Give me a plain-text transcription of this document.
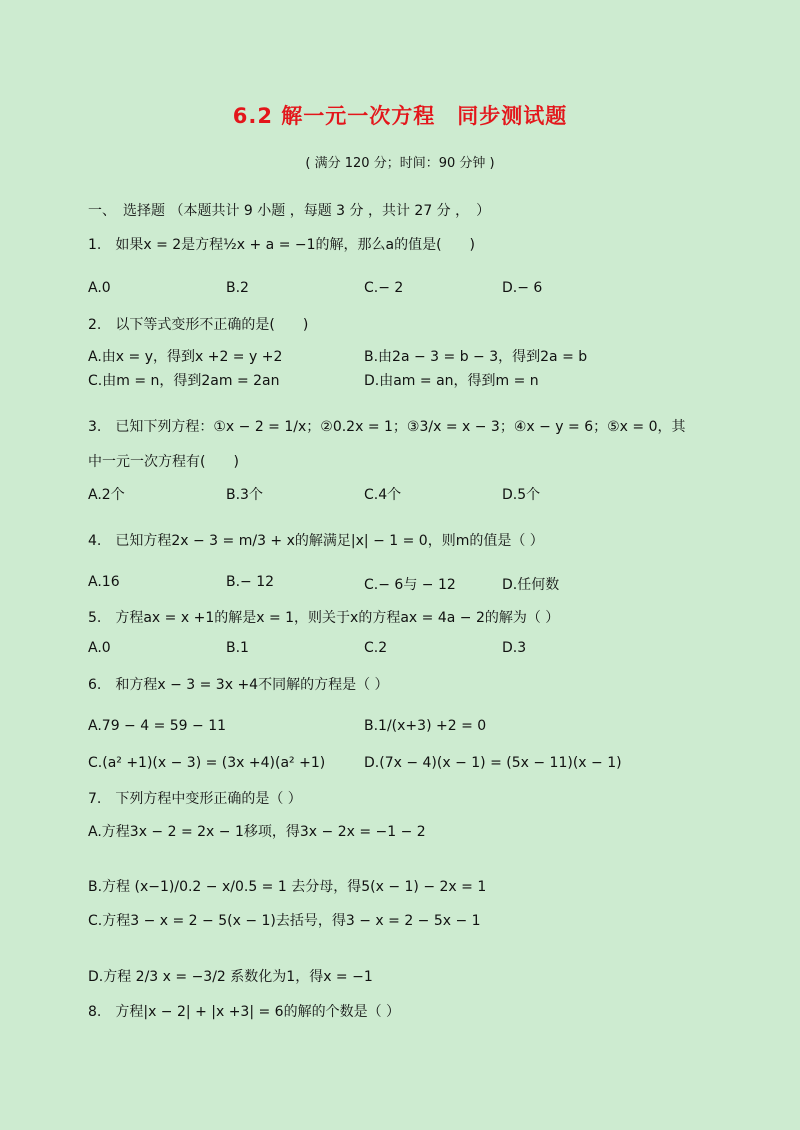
6.2 解一元一次方程　同步测试题
( 满分 120 分；时间：90 分钟 )
一、　选择题 （本题共计 9 小题 ，每题 3 分 ，共计 27 分 ，　）
1.　如果x = 2是方程½x + a = −1的解，那么a的值是(　　)
A.0	B.2	C.− 2	D.− 6
2.　以下等式变形不正确的是(　　)
A.由x = y，得到x +2 = y +2	B.由2a − 3 = b − 3，得到2a = b
C.由m = n，得到2am = 2an	D.由am = an，得到m = n
3.　已知下列方程：①x − 2 = 1/x；②0.2x = 1；③3/x = x − 3；④x − y = 6；⑤x = 0，其
中一元一次方程有(　　)
A.2个	B.3个	C.4个	D.5个
4.　已知方程2x − 3 = m/3 + x的解满足|x| − 1 = 0，则m的值是（ ）
A.16	B.− 12	C.− 6与 − 12	D.任何数
5.　方程ax = x +1的解是x = 1，则关于x的方程ax = 4a − 2的解为（ ）
A.0	B.1	C.2	D.3
6.　和方程x − 3 = 3x +4不同解的方程是（ ）
A.79 − 4 = 59 − 11	B.1/(x+3) +2 = 0
C.(a² +1)(x − 3) = (3x +4)(a² +1)	D.(7x − 4)(x − 1) = (5x − 11)(x − 1)
7.　下列方程中变形正确的是（ ）
A.方程3x − 2 = 2x − 1移项，得3x − 2x = −1 − 2
B.方程 (x−1)/0.2 − x/0.5 = 1 去分母，得5(x − 1) − 2x = 1
C.方程3 − x = 2 − 5(x − 1)去括号，得3 − x = 2 − 5x − 1
D.方程 2/3 x = −3/2 系数化为1，得x = −1
8.　方程|x − 2| + |x +3| = 6的解的个数是（ ）
